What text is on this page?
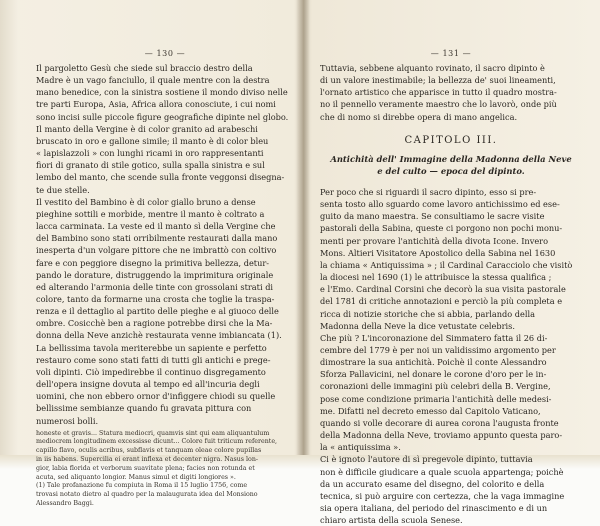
— 130 —
Il pargoletto Gesù che siede sul braccio destro della
Madre è un vago fanciullo, il quale mentre con la destra
mano benedice, con la sinistra sostiene il mondo diviso nelle
tre parti Europa, Asia, Africa allora conosciute, i cui nomi
sono incisi sulle piccole figure geografiche dipinte nel globo.
Il manto della Vergine è di color granito ad arabeschi
bruscato in oro e gallone simile; il manto è di color bleu
« lapislazzoli » con lunghi ricami in oro rappresentanti
fiori di granato di stile gotico, sulla spalla sinistra e sul
lembo del manto, che scende sulla fronte veggonsi disegna-
te due stelle.
Il vestito del Bambino è di color giallo bruno a dense
pieghine sottili e morbide, mentre il manto è coltrato a
lacca carminata. La veste ed il manto sì della Vergine che
del Bambino sono stati orribilmente restaurati dalla mano
inesperta d'un volgare pittore che ne imbrattò con coltivo
fare e con peggiore disegno la primitiva bellezza, detur-
pando le dorature, distruggendo la imprimitura originale
ed alterando l'armonia delle tinte con grossolani strati di
colore, tanto da formarne una crosta che toglie la traspa-
renza e il dettaglio al partito delle pieghe e al giuoco delle
ombre. Cosicchè ben a ragione potrebbe dirsi che la Ma-
donna della Neve anzichè restaurata venne imbiancata (1).
La bellissima tavola meriterebbe un sapiente e perfetto
restauro come sono stati fatti di tutti gli antichi e prege-
voli dipinti. Ciò impedirebbe il continuo disgregamento
dell'opera insigne dovuta al tempo ed all'incuria degli
uomini, che non ebbero ornor d'infiggere chiodi su quelle
bellissime sembianze quando fu gravata pittura con
numerosi bolli.
honeste et gravis... Statura mediocri, quamvis sint qui eam aliquantulum
mediocrem longitudinem excessisse dicunt... Colore fuit triticum referente,
capillo flavo, oculis acribus, subflavis et tanquam oleae colore pupillas
in iis habens. Supercilia ei erant inflexa et decenter nigra. Nasus lon-
gior, labia florida et verborum suavitate plena; facies non rotunda et
acuta, sed aliquanto longior. Manus simul et digiti longiores ».
(1) Tale profanazione fu compiuta in Roma il 15 luglio 1756, come
trovasi notato dietro al quadro per la malaugurata idea del Monsiono
Alessandro Baggi.
— 131 —
Tuttavia, sebbene alquanto rovinato, il sacro dipinto è
di un valore inestimabile; la bellezza de' suoi lineamenti,
l'ornato artistico che appariscе in tutto il quadro mostra-
no il pennello veramente maestro che lo lavorò, onde più
che di nomo si direbbe opera di mano angelica.
CAPITOLO III.
Antichità dell' Immagine della Madonna della Neve
e del culto — epoca del dipinto.
Per poco che si riguardi il sacro dipinto, esso si pre-
senta tosto allo sguardo come lavoro antichissimo ed ese-
guito da mano maestra. Se consultiamo le sacre visite
pastorali della Sabina, queste ci porgono non pochi monu-
menti per provare l'antichità della divota Icone. Invero
Mons. Altieri Visitatore Apostolico della Sabina nel 1630
la chiama « Antiquissima » ; il Cardinal Caracciolo che visitò
la diocesi nel 1690 (1) le attribuisce la stessa qualifica ;
e l'Emo. Cardinal Corsini che decorò la sua visita pastorale
del 1781 di critiche annotazioni e perciò la più completa e
ricca di notizie storiche che si abbia, parlando della
Madonna della Neve la dice vetustate celebris.
Che più ? L'incoronazione del Simmaterо fatta il 26 di-
cembre del 1779 è per noi un validissimo argomento per
dimostrare la sua antichità. Poichè il conte Alessandro
Sforza Pallavicini, nel donare le corone d'oro per le in-
coronazioni delle immagini più celebri della B. Vergine,
pose come condizione primaria l'antichità delle medesi-
me. Difatti nel decreto emesso dal Capitolo Vaticano,
quando si volle decorare di aurea corona l'augusta fronte
della Madonna della Neve, troviamo appunto questa paro-
la « antiquissima ».
Ci è ignoto l'autore di sì pregevole dipinto, tuttavia
non è difficile giudicare a quale scuola appartenga; poichè
da un accurato esame del disegno, del colorito e della
tecnica, si può arguire con certezza, che la vaga immagine
sia opera italiana, del periodo del rinascimento e di un
chiaro artista della scuola Senese.
